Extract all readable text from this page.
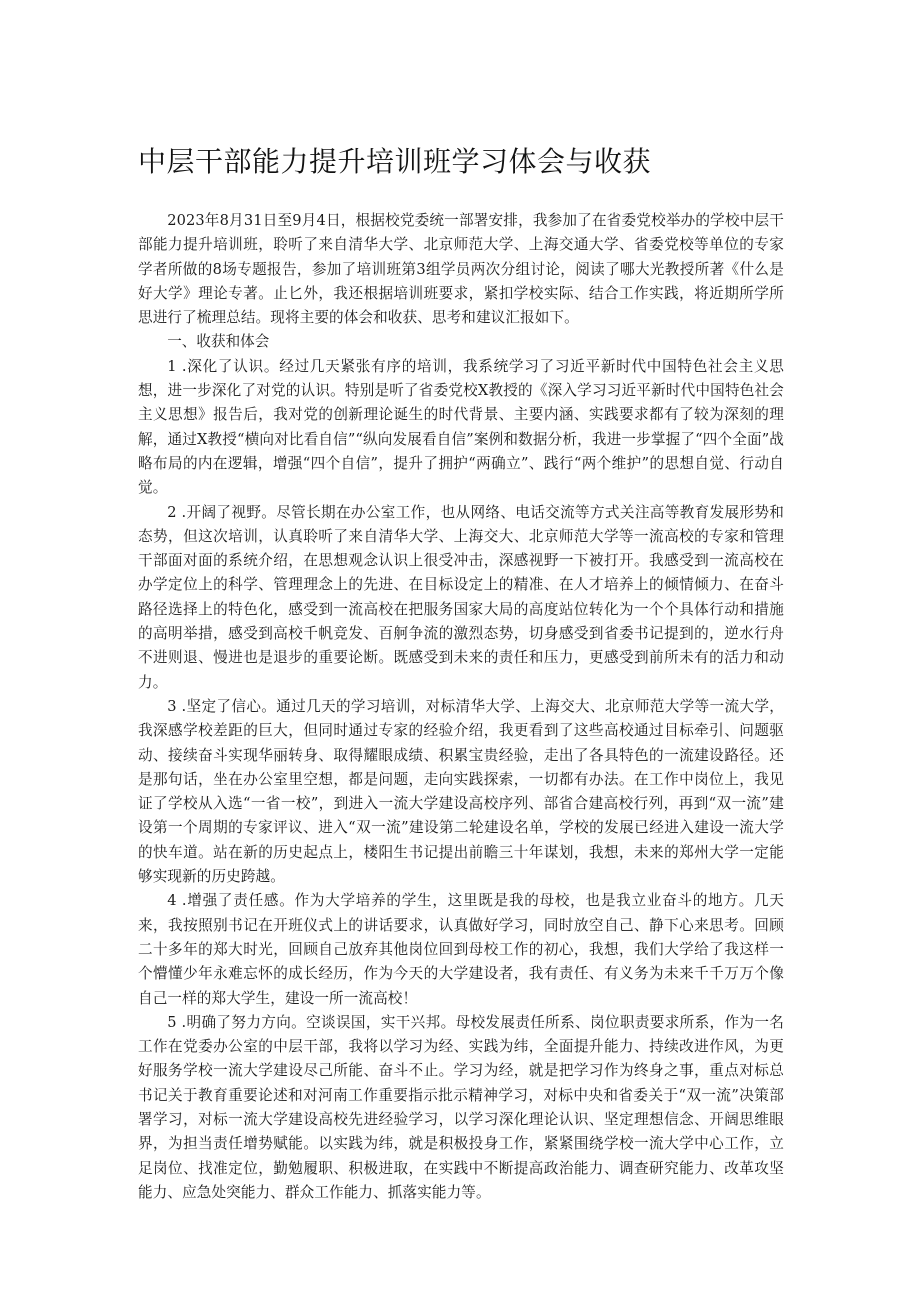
中层干部能力提升培训班学习体会与收获

2023年8月31日至9月4日，根据校党委统一部署安排，我参加了在省委党校举办的学校中层干部能力提升培训班，聆听了来自清华大学、北京师范大学、上海交通大学、省委党校等单位的专家学者所做的8场专题报告，参加了培训班第3组学员两次分组讨论，阅读了哪大光教授所著《什么是好大学》理论专著。止匕外，我还根据培训班要求，紧扣学校实际、结合工作实践，将近期所学所思进行了梳理总结。现将主要的体会和收获、思考和建议汇报如下。

一、收获和体会

1 .深化了认识。经过几天紧张有序的培训，我系统学习了习近平新时代中国特色社会主义思想，进一步深化了对党的认识。特别是听了省委党校X教授的《深入学习习近平新时代中国特色社会主义思想》报告后，我对党的创新理论诞生的时代背景、主要内涵、实践要求都有了较为深刻的理解，通过X教授“横向对比看自信”“纵向发展看自信”案例和数据分析，我进一步掌握了“四个全面”战略布局的内在逻辑，增强“四个自信”，提升了拥护“两确立”、践行“两个维护”的思想自觉、行动自觉。

2 .开阔了视野。尽管长期在办公室工作，也从网络、电话交流等方式关注高等教育发展形势和态势，但这次培训，认真聆听了来自清华大学、上海交大、北京师范大学等一流高校的专家和管理干部面对面的系统介绍，在思想观念认识上很受冲击，深感视野一下被打开。我感受到一流高校在办学定位上的科学、管理理念上的先进、在目标设定上的精准、在人才培养上的倾情倾力、在奋斗路径选择上的特色化，感受到一流高校在把服务国家大局的高度站位转化为一个个具体行动和措施的高明举措，感受到高校千帆竞发、百舸争流的激烈态势，切身感受到省委书记提到的，逆水行舟不进则退、慢进也是退步的重要论断。既感受到未来的责任和压力，更感受到前所未有的活力和动力。

3 .坚定了信心。通过几天的学习培训，对标清华大学、上海交大、北京师范大学等一流大学，我深感学校差距的巨大，但同时通过专家的经验介绍，我更看到了这些高校通过目标牵引、问题驱动、接续奋斗实现华丽转身、取得耀眼成绩、积累宝贵经验，走出了各具特色的一流建设路径。还是那句话，坐在办公室里空想，都是问题，走向实践探索，一切都有办法。在工作中岗位上，我见证了学校从入选“一省一校”，到进入一流大学建设高校序列、部省合建高校行列，再到“双一流”建设第一个周期的专家评议、进入“双一流”建设第二轮建设名单，学校的发展已经进入建设一流大学的快车道。站在新的历史起点上，楼阳生书记提出前瞻三十年谋划，我想，未来的郑州大学一定能够实现新的历史跨越。

4 .增强了责任感。作为大学培养的学生，这里既是我的母校，也是我立业奋斗的地方。几天来，我按照别书记在开班仪式上的讲话要求，认真做好学习，同时放空自己、静下心来思考。回顾二十多年的郑大时光，回顾自己放弃其他岗位回到母校工作的初心，我想，我们大学给了我这样一个懵懂少年永难忘怀的成长经历，作为今天的大学建设者，我有责任、有义务为未来千千万万个像自己一样的郑大学生，建设一所一流高校！

5 .明确了努力方向。空谈误国，实干兴邦。母校发展责任所系、岗位职责要求所系，作为一名工作在党委办公室的中层干部，我将以学习为经、实践为纬，全面提升能力、持续改进作风，为更好服务学校一流大学建设尽己所能、奋斗不止。学习为经，就是把学习作为终身之事，重点对标总书记关于教育重要论述和对河南工作重要指示批示精神学习，对标中央和省委关于“双一流”决策部署学习，对标一流大学建设高校先进经验学习，以学习深化理论认识、坚定理想信念、开阔思维眼界，为担当责任增势赋能。以实践为纬，就是积极投身工作，紧紧围绕学校一流大学中心工作，立足岗位、找准定位，勤勉履职、积极进取，在实践中不断提高政治能力、调查研究能力、改革攻坚能力、应急处突能力、群众工作能力、抓落实能力等。
